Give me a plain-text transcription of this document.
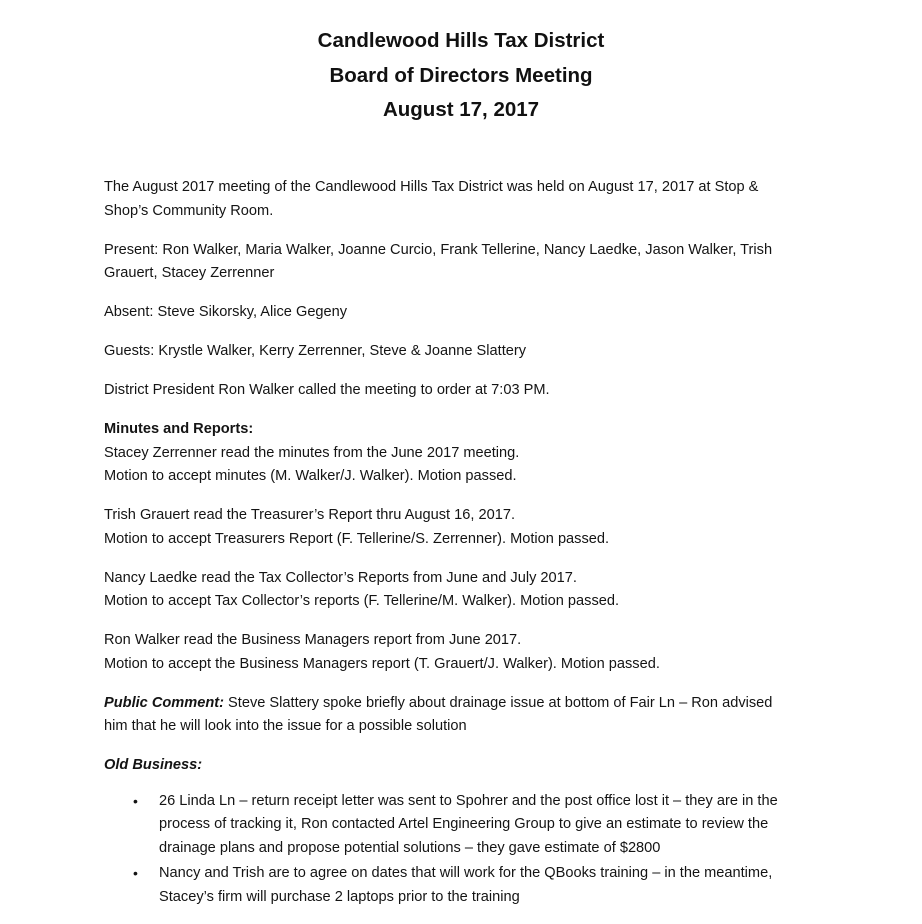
Candlewood Hills Tax District

Board of Directors Meeting

August 17, 2017

The August 2017 meeting of the Candlewood Hills Tax District was held on August 17, 2017 at Stop &
Shop’s Community Room.

Present: Ron Walker, Maria Walker, Joanne Curcio, Frank Tellerine, Nancy Laedke, Jason Walker, Trish
Grauert, Stacey Zerrenner

Absent: Steve Sikorsky, Alice Gegeny

Guests: Krystle Walker, Kerry Zerrenner, Steve & Joanne Slattery

District President Ron Walker called the meeting to order at 7:03 PM.

Minutes and Reports:
Stacey Zerrenner read the minutes from the June 2017 meeting.
Motion to accept minutes (M. Walker/J. Walker). Motion passed.

Trish Grauert read the Treasurer’s Report thru August 16, 2017.
Motion to accept Treasurers Report (F. Tellerine/S. Zerrenner). Motion passed.

Nancy Laedke read the Tax Collector’s Reports from June and July 2017.
Motion to accept Tax Collector’s reports (F. Tellerine/M. Walker). Motion passed.

Ron Walker read the Business Managers report from June 2017.
Motion to accept the Business Managers report (T. Grauert/J. Walker). Motion passed.

Public Comment: Steve Slattery spoke briefly about drainage issue at bottom of Fair Ln – Ron advised
him that he will look into the issue for a possible solution

Old Business:

• 26 Linda Ln – return receipt letter was sent to Spohrer and the post office lost it – they are in the
process of tracking it, Ron contacted Artel Engineering Group to give an estimate to review the
drainage plans and propose potential solutions – they gave estimate of $2800
• Nancy and Trish are to agree on dates that will work for the QBooks training – in the meantime,
Stacey’s firm will purchase 2 laptops prior to the training
